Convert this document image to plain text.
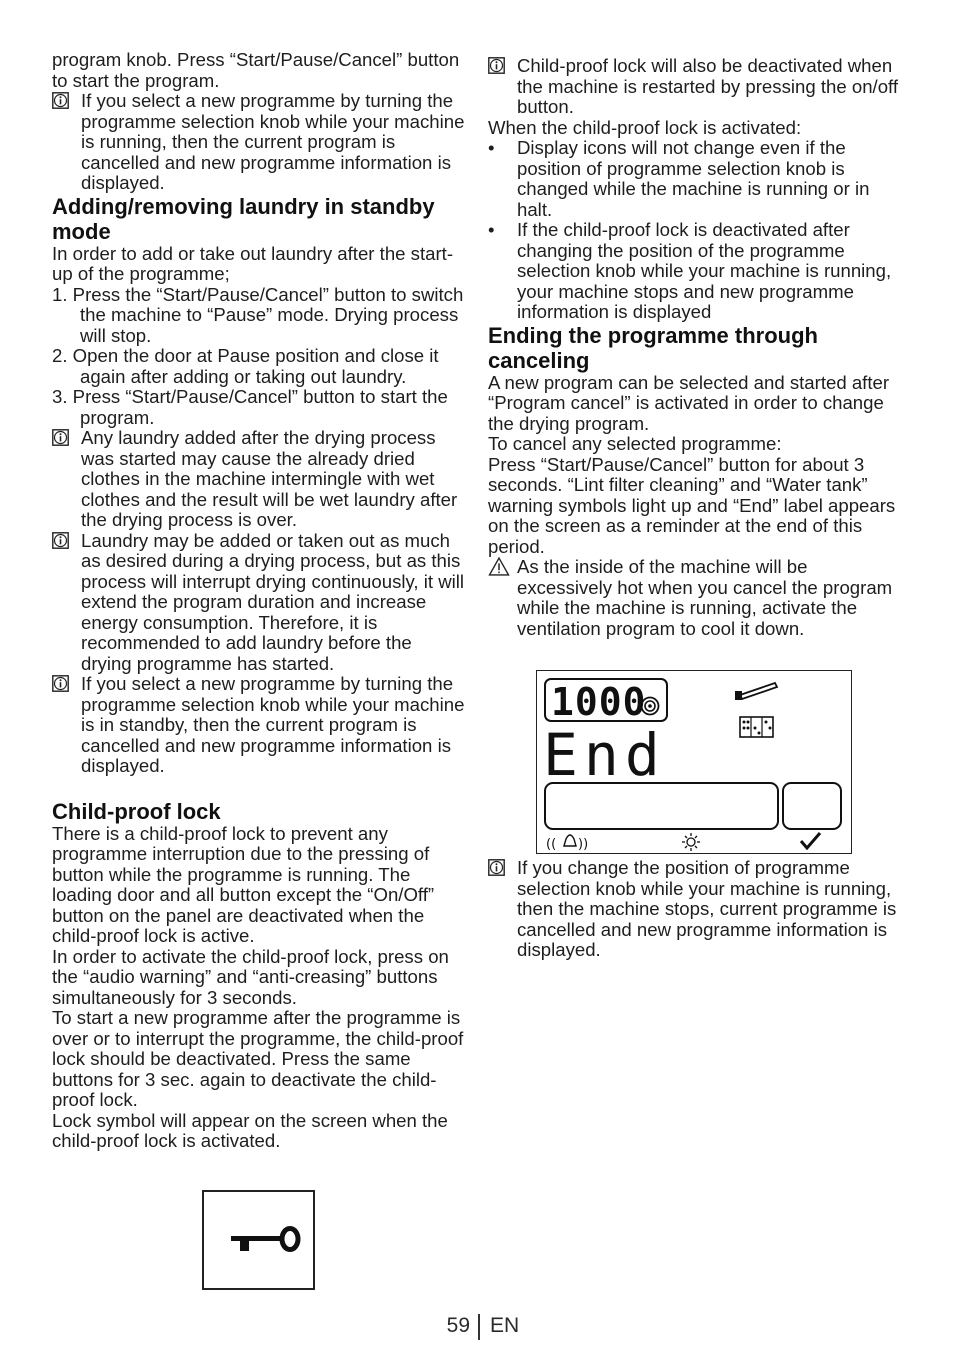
program knob. Press “Start/Pause/Cancel” button to start the program.

If you select a new programme by turning the programme selection knob while your machine is running, then the current program is cancelled and new programme information is displayed.
Adding/removing laundry in standby mode

In order to add or take out laundry after the start-up of the programme;

1. Press the “Start/Pause/Cancel” button to switch the machine to “Pause” mode. Drying process will stop.

2. Open the door at Pause position and close it again after adding or taking out laundry.

3. Press “Start/Pause/Cancel” button to start the program.

Any laundry added after the drying process was started may cause the already dried clothes in the machine intermingle with wet clothes and the result will be wet laundry after the drying process is over.
Laundry may be added or taken out as much as desired during a drying process, but as this process will interrupt drying continuously, it will extend the program duration and increase energy consumption. Therefore, it is recommended to add laundry before the drying programme has started.
If you select a new programme by turning the programme selection knob while your machine is in standby, then the current program is cancelled and new programme information is displayed.
Child-proof lock

There is a child-proof lock to prevent any programme interruption due to the pressing of button while the programme is running. The loading door and all button except the “On/Off” button on the panel are deactivated when the child-proof lock is active.

In order to activate the child-proof lock, press on the “audio warning” and “anti-creasing” buttons simultaneously for 3 seconds.

To start a new programme after the programme is over or to interrupt the programme, the child-proof lock should be deactivated. Press the same buttons for 3 sec. again to deactivate the child-proof lock.

Lock symbol will appear on the screen when the child-proof lock is activated.

Child-proof lock will also be deactivated when the machine is restarted by pressing the on/off button.

When the child-proof lock is activated:

• Display icons will not change even if the position of programme selection knob is changed while the machine is running or in halt.
• If the child-proof lock is deactivated after changing the position of the programme selection knob while your machine is running, your machine stops and new programme information is displayed
Ending the programme through canceling

A new program can be selected and started after “Program cancel” is activated in order to change the drying program.

To cancel any selected programme:

Press “Start/Pause/Cancel” button for about 3 seconds. “Lint filter cleaning” and “Water tank” warning symbols light up and “End” label appears on the screen as a reminder at the end of this period.

As the inside of the machine will be excessively hot when you cancel the program while the machine is running, activate the ventilation program to cool it down.
1000
End
(( ))
If you change the position of programme selection knob while your machine is running, then the machine stops, current programme is cancelled and new programme information is displayed.
59 EN
